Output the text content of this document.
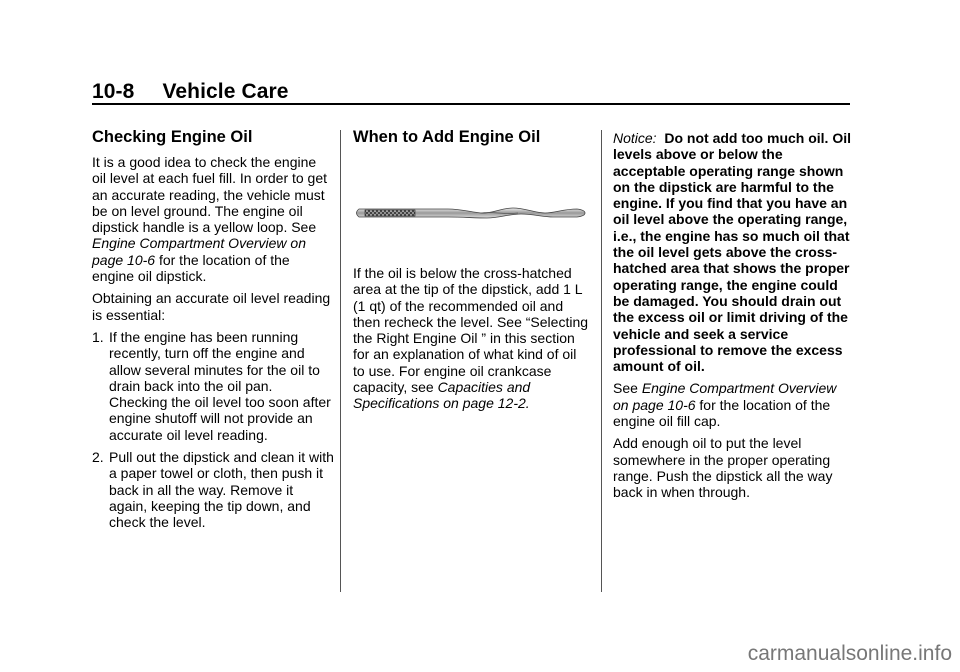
10-8 Vehicle Care
Checking Engine Oil

It is a good idea to check the engine oil level at each fuel fill. In order to get an accurate reading, the vehicle must be on level ground. The engine oil dipstick handle is a yellow loop. See Engine Compartment Overview on page 10-6 for the location of the engine oil dipstick.

Obtaining an accurate oil level reading is essential:

1. If the engine has been running recently, turn off the engine and allow several minutes for the oil to drain back into the oil pan. Checking the oil level too soon after engine shutoff will not provide an accurate oil level reading.
2. Pull out the dipstick and clean it with a paper towel or cloth, then push it back in all the way. Remove it again, keeping the tip down, and check the level.
When to Add Engine Oil

If the oil is below the cross-hatched area at the tip of the dipstick, add 1 L (1 qt) of the recommended oil and then recheck the level. See “Selecting the Right Engine Oil ” in this section for an explanation of what kind of oil to use. For engine oil crankcase capacity, see Capacities and Specifications on page 12-2.

Notice: Do not add too much oil. Oil levels above or below the acceptable operating range shown on the dipstick are harmful to the engine. If you find that you have an oil level above the operating range, i.e., the engine has so much oil that the oil level gets above the cross-hatched area that shows the proper operating range, the engine could be damaged. You should drain out the excess oil or limit driving of the vehicle and seek a service professional to remove the excess amount of oil.

See Engine Compartment Overview on page 10-6 for the location of the engine oil fill cap.

Add enough oil to put the level somewhere in the proper operating range. Push the dipstick all the way back in when through.

carmanualsonline.info
